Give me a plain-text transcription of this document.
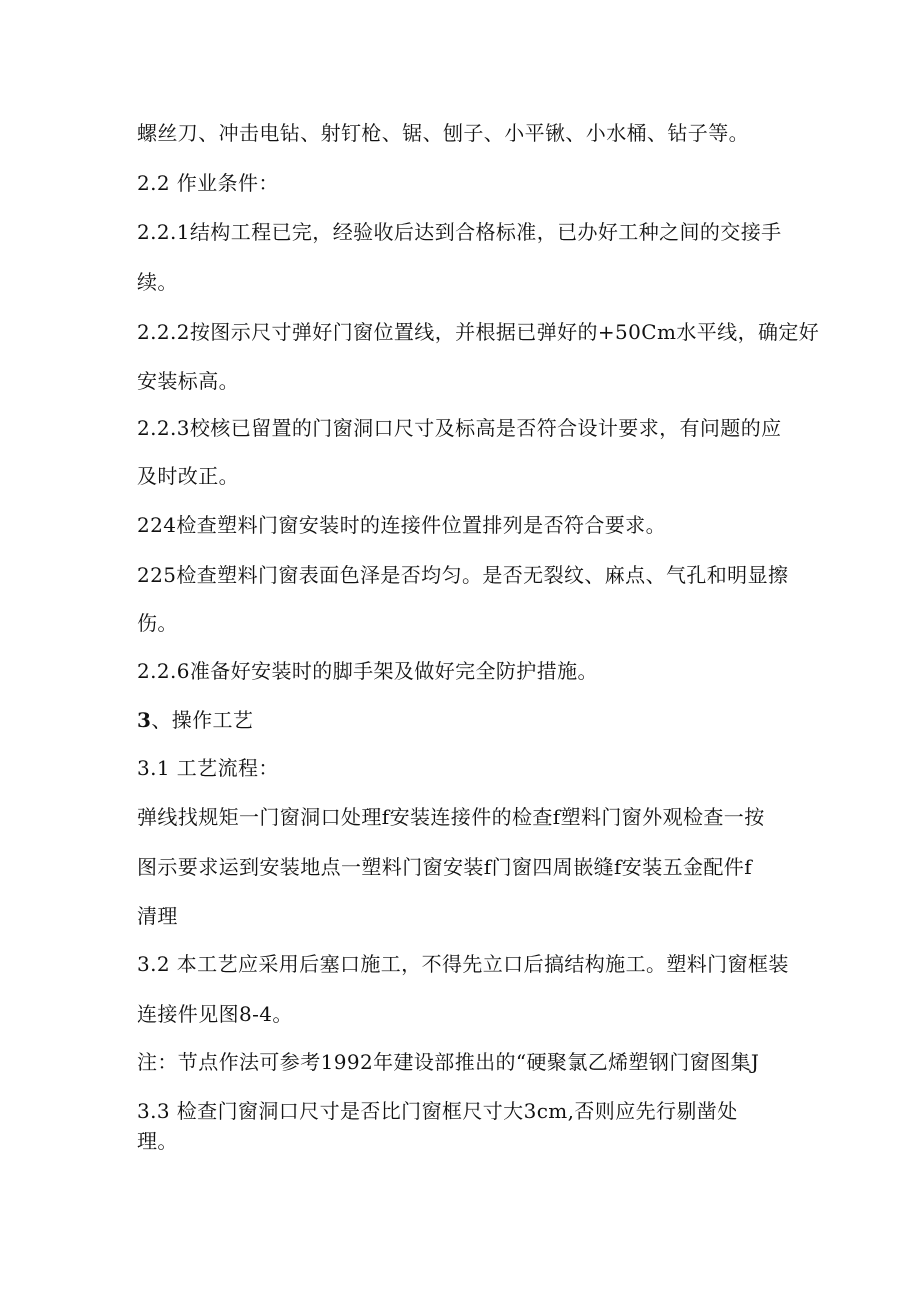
螺丝刀、冲击电钻、射钉枪、锯、刨子、小平锹、小水桶、钻子等。
2.2 作业条件：
2.2.1结构工程已完，经验收后达到合格标准，已办好工种之间的交接手
续。
2.2.2按图示尺寸弹好门窗位置线，并根据已弹好的+50Cm水平线，确定好
安装标高。
2.2.3校核已留置的门窗洞口尺寸及标高是否符合设计要求，有问题的应
及时改正。
224检查塑料门窗安装时的连接件位置排列是否符合要求。
225检查塑料门窗表面色泽是否均匀。是否无裂纹、麻点、气孔和明显擦
伤。
2.2.6准备好安装时的脚手架及做好完全防护措施。
3、操作工艺
3.1 工艺流程：
弹线找规矩一门窗洞口处理f安装连接件的检查f塑料门窗外观检查一按
图示要求运到安装地点一塑料门窗安装f门窗四周嵌缝f安装五金配件f
清理
3.2 本工艺应采用后塞口施工，不得先立口后搞结构施工。塑料门窗框装
连接件见图8-4。
注：节点作法可参考1992年建设部推出的“硬聚氯乙烯塑钢门窗图集J
3.3 检查门窗洞口尺寸是否比门窗框尺寸大3cm,否则应先行剔凿处
理。
